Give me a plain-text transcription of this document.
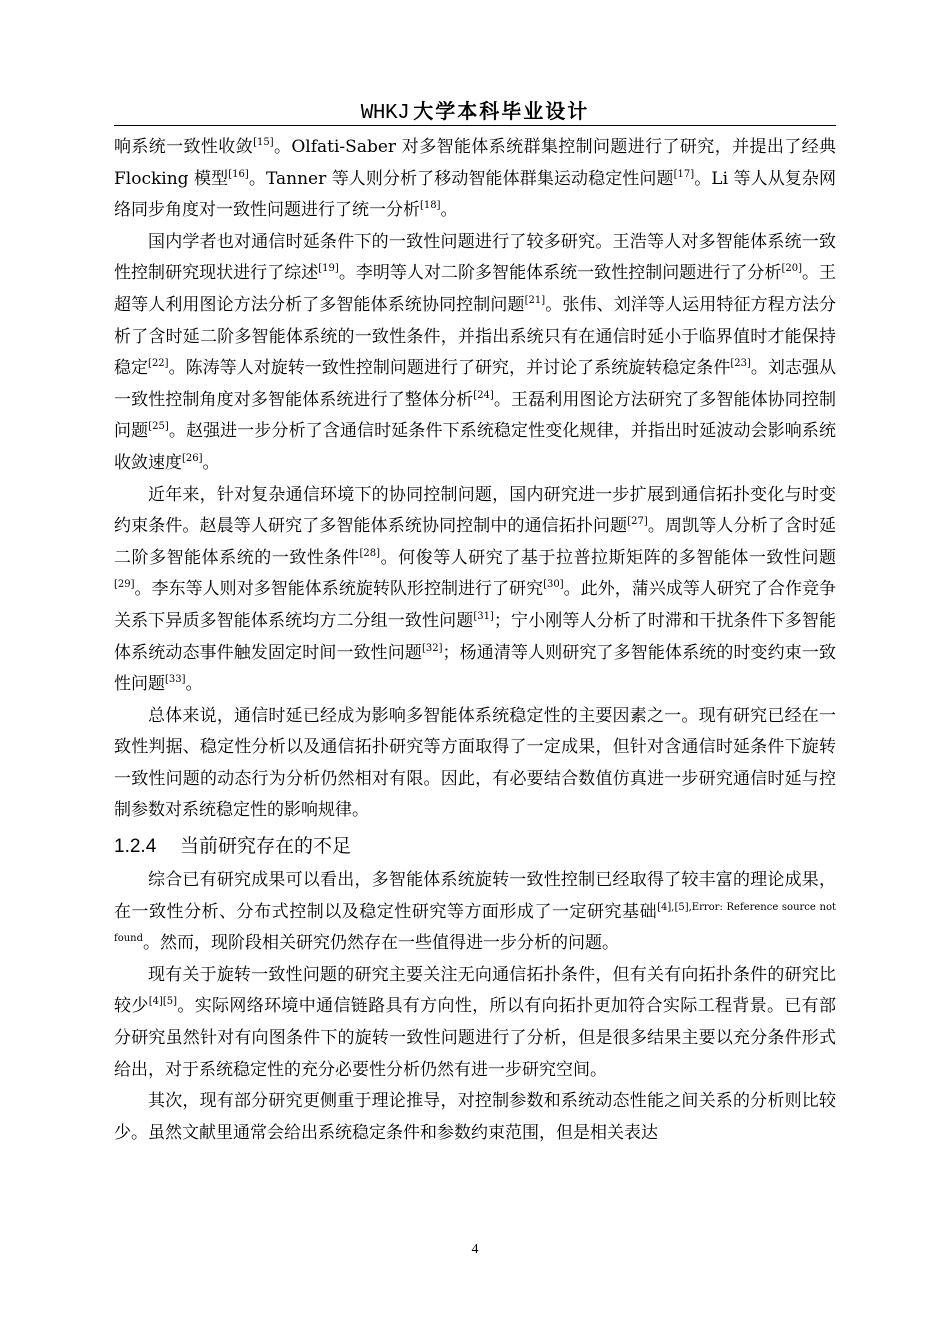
WHKJ 大学本科毕业设计

响系统一致性收敛[15]。Olfati-Saber 对多智能体系统群集控制问题进行了研究，并提出了经典 Flocking 模型[16]。Tanner 等人则分析了移动智能体群集运动稳定性问题[17]。Li 等人从复杂网络同步角度对一致性问题进行了统一分析[18]。

国内学者也对通信时延条件下的一致性问题进行了较多研究。王浩等人对多智能体系统一致性控制研究现状进行了综述[19]。李明等人对二阶多智能体系统一致性控制问题进行了分析[20]。王超等人利用图论方法分析了多智能体系统协同控制问题[21]。张伟、刘洋等人运用特征方程方法分析了含时延二阶多智能体系统的一致性条件，并指出系统只有在通信时延小于临界值时才能保持稳定[22]。陈涛等人对旋转一致性控制问题进行了研究，并讨论了系统旋转稳定条件[23]。刘志强从一致性控制角度对多智能体系统进行了整体分析[24]。王磊利用图论方法研究了多智能体协同控制问题[25]。赵强进一步分析了含通信时延条件下系统稳定性变化规律，并指出时延波动会影响系统收敛速度[26]。

近年来，针对复杂通信环境下的协同控制问题，国内研究进一步扩展到通信拓扑变化与时变约束条件。赵晨等人研究了多智能体系统协同控制中的通信拓扑问题[27]。周凯等人分析了含时延二阶多智能体系统的一致性条件[28]。何俊等人研究了基于拉普拉斯矩阵的多智能体一致性问题[29]。李东等人则对多智能体系统旋转队形控制进行了研究[30]。此外，蒲兴成等人研究了合作竞争关系下异质多智能体系统均方二分组一致性问题[31]；宁小刚等人分析了时滞和干扰条件下多智能体系统动态事件触发固定时间一致性问题[32]；杨通清等人则研究了多智能体系统的时变约束一致性问题[33]。

总体来说，通信时延已经成为影响多智能体系统稳定性的主要因素之一。现有研究已经在一致性判据、稳定性分析以及通信拓扑研究等方面取得了一定成果，但针对含通信时延条件下旋转一致性问题的动态行为分析仍然相对有限。因此，有必要结合数值仿真进一步研究通信时延与控制参数对系统稳定性的影响规律。

1.2.4 当前研究存在的不足

综合已有研究成果可以看出，多智能体系统旋转一致性控制已经取得了较丰富的理论成果，在一致性分析、分布式控制以及稳定性研究等方面形成了一定研究基础$^{[4],[5],Error: Reference source not found}$。然而，现阶段相关研究仍然存在一些值得进一步分析的问题。

现有关于旋转一致性问题的研究主要关注无向通信拓扑条件，但有关有向拓扑条件的研究比较少[4][5]。实际网络环境中通信链路具有方向性，所以有向拓扑更加符合实际工程背景。已有部分研究虽然针对有向图条件下的旋转一致性问题进行了分析，但是很多结果主要以充分条件形式给出，对于系统稳定性的充分必要性分析仍然有进一步研究空间。

其次，现有部分研究更侧重于理论推导，对控制参数和系统动态性能之间关系的分析则比较少。虽然文献里通常会给出系统稳定条件和参数约束范围，但是相关表达

4
